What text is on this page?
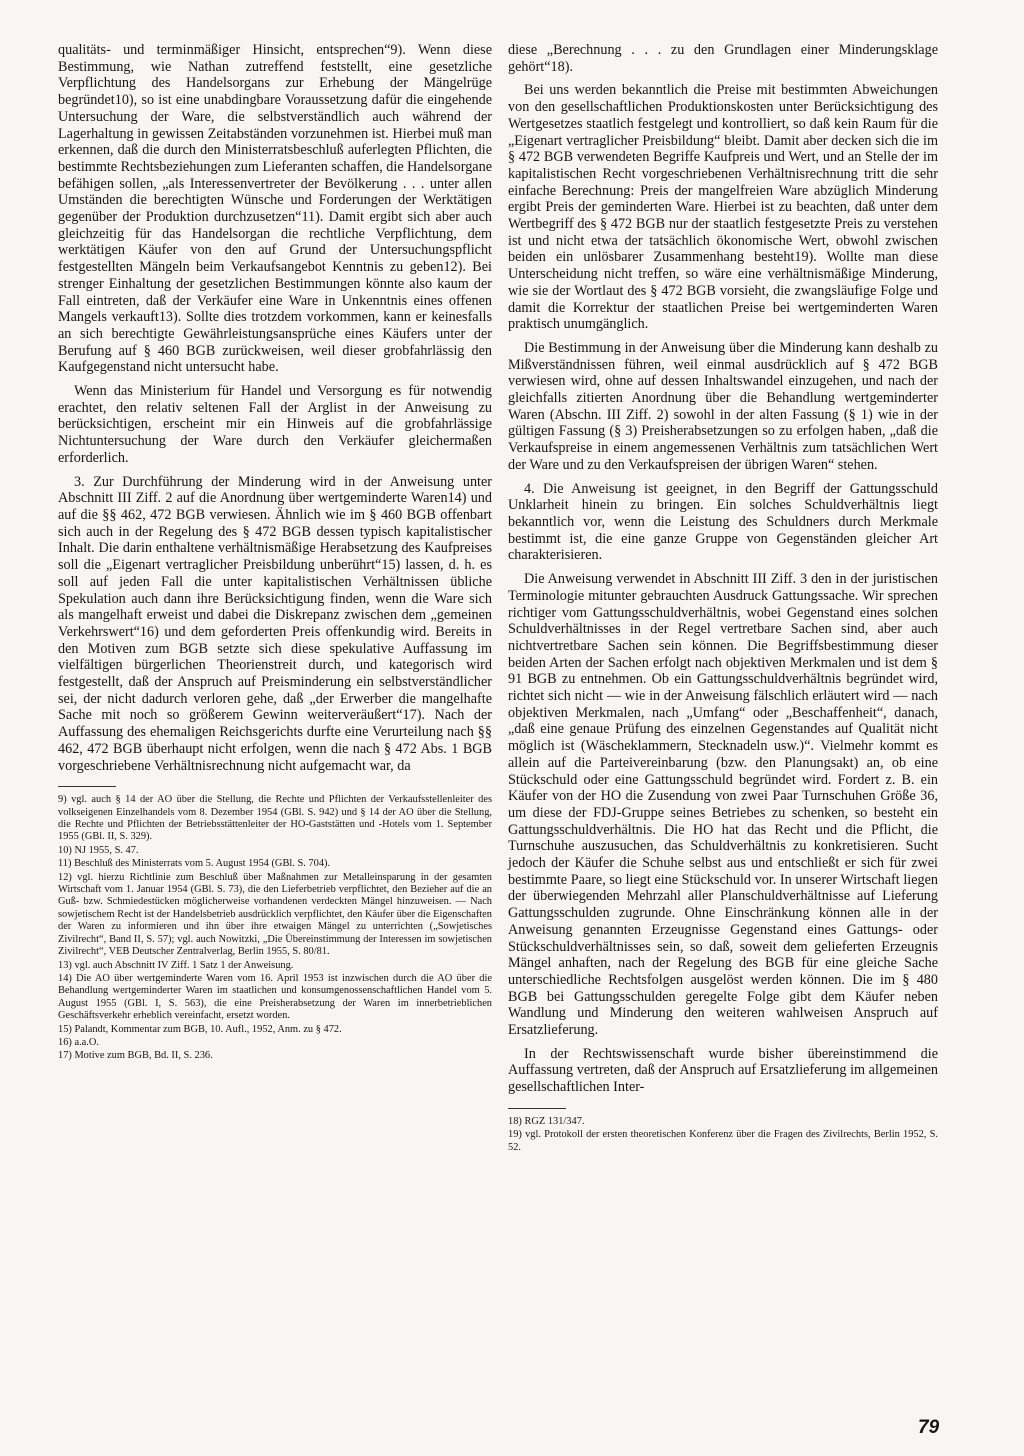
qualitäts- und terminmäßiger Hinsicht, entsprechen“9). Wenn diese Bestimmung, wie Nathan zutreffend feststellt, eine gesetzliche Verpflichtung des Handelsorgans zur Erhebung der Mängelrüge begründet10), so ist eine unabdingbare Voraussetzung dafür die eingehende Untersuchung der Ware, die selbstverständlich auch während der Lagerhaltung in gewissen Zeitabständen vorzunehmen ist. Hierbei muß man erkennen, daß die durch den Ministerratsbeschluß auferlegten Pflichten, die bestimmte Rechtsbeziehungen zum Lieferanten schaffen, die Handelsorgane befähigen sollen, „als Interessenvertreter der Bevölkerung . . . unter allen Umständen die berechtigten Wünsche und Forderungen der Werktätigen gegenüber der Produktion durchzusetzen“11). Damit ergibt sich aber auch gleichzeitig für das Handelsorgan die rechtliche Verpflichtung, dem werktätigen Käufer von den auf Grund der Untersuchungspflicht festgestellten Mängeln beim Verkaufsangebot Kenntnis zu geben12). Bei strenger Einhaltung der gesetzlichen Bestimmungen könnte also kaum der Fall eintreten, daß der Verkäufer eine Ware in Unkenntnis eines offenen Mangels verkauft13). Sollte dies trotzdem vorkommen, kann er keinesfalls an sich berechtigte Gewährleistungsansprüche eines Käufers unter der Berufung auf § 460 BGB zurückweisen, weil dieser grobfahrlässig den Kaufgegenstand nicht untersucht habe.

Wenn das Ministerium für Handel und Versorgung es für notwendig erachtet, den relativ seltenen Fall der Arglist in der Anweisung zu berücksichtigen, erscheint mir ein Hinweis auf die grobfahrlässige Nichtuntersuchung der Ware durch den Verkäufer gleichermaßen erforderlich.

3. Zur Durchführung der Minderung wird in der Anweisung unter Abschnitt III Ziff. 2 auf die Anordnung über wertgeminderte Waren14) und auf die §§ 462, 472 BGB verwiesen. Ähnlich wie im § 460 BGB offenbart sich auch in der Regelung des § 472 BGB dessen typisch kapitalistischer Inhalt. Die darin enthaltene verhältnismäßige Herabsetzung des Kaufpreises soll die „Eigenart vertraglicher Preisbildung unberührt“15) lassen, d. h. es soll auf jeden Fall die unter kapitalistischen Verhältnissen übliche Spekulation auch dann ihre Berücksichtigung finden, wenn die Ware sich als mangelhaft erweist und dabei die Diskrepanz zwischen dem „gemeinen Verkehrswert“16) und dem geforderten Preis offenkundig wird. Bereits in den Motiven zum BGB setzte sich diese spekulative Auffassung im vielfältigen bürgerlichen Theorienstreit durch, und kategorisch wird festgestellt, daß der Anspruch auf Preisminderung ein selbstverständlicher sei, der nicht dadurch verloren gehe, daß „der Erwerber die mangelhafte Sache mit noch so größerem Gewinn weiterveräußert“17). Nach der Auffassung des ehemaligen Reichsgerichts durfte eine Verurteilung nach §§ 462, 472 BGB überhaupt nicht erfolgen, wenn die nach § 472 Abs. 1 BGB vorgeschriebene Verhältnisrechnung nicht aufgemacht war, da

9) vgl. auch § 14 der AO über die Stellung, die Rechte und Pflichten der Verkaufsstellenleiter des volkseigenen Einzelhandels vom 8. Dezember 1954 (GBl. S. 942) und § 14 der AO über die Stellung, die Rechte und Pflichten der Betriebsstättenleiter der HO-Gaststätten und -Hotels vom 1. September 1955 (GBl. II, S. 329).

10) NJ 1955, S. 47.

11) Beschluß des Ministerrats vom 5. August 1954 (GBl. S. 704).

12) vgl. hierzu Richtlinie zum Beschluß über Maßnahmen zur Metalleinsparung in der gesamten Wirtschaft vom 1. Januar 1954 (GBl. S. 73), die den Lieferbetrieb verpflichtet, den Bezieher auf die an Guß- bzw. Schmiedestücken möglicherweise vorhandenen verdeckten Mängel hinzuweisen. — Nach sowjetischem Recht ist der Handelsbetrieb ausdrücklich verpflichtet, den Käufer über die Eigenschaften der Waren zu informieren und ihn über ihre etwaigen Mängel zu unterrichten („Sowjetisches Zivilrecht“, Band II, S. 57); vgl. auch Nowitzki, „Die Übereinstimmung der Interessen im sowjetischen Zivilrecht“, VEB Deutscher Zentralverlag, Berlin 1955, S. 80/81.

13) vgl. auch Abschnitt IV Ziff. 1 Satz 1 der Anweisung.

14) Die AO über wertgeminderte Waren vom 16. April 1953 ist inzwischen durch die AO über die Behandlung wertgeminderter Waren im staatlichen und konsumgenossenschaftlichen Handel vom 5. August 1955 (GBl. I, S. 563), die eine Preisherabsetzung der Waren im innerbetrieblichen Geschäftsverkehr erheblich vereinfacht, ersetzt worden.

15) Palandt, Kommentar zum BGB, 10. Aufl., 1952, Anm. zu § 472.

16) a.a.O.

17) Motive zum BGB, Bd. II, S. 236.

diese „Berechnung . . . zu den Grundlagen einer Minderungsklage gehört“18).

Bei uns werden bekanntlich die Preise mit bestimmten Abweichungen von den gesellschaftlichen Produktionskosten unter Berücksichtigung des Wertgesetzes staatlich festgelegt und kontrolliert, so daß kein Raum für die „Eigenart vertraglicher Preisbildung“ bleibt. Damit aber decken sich die im § 472 BGB verwendeten Begriffe Kaufpreis und Wert, und an Stelle der im kapitalistischen Recht vorgeschriebenen Verhältnisrechnung tritt die sehr einfache Berechnung: Preis der mangelfreien Ware abzüglich Minderung ergibt Preis der geminderten Ware. Hierbei ist zu beachten, daß unter dem Wertbegriff des § 472 BGB nur der staatlich festgesetzte Preis zu verstehen ist und nicht etwa der tatsächlich ökonomische Wert, obwohl zwischen beiden ein unlösbarer Zusammenhang besteht19). Wollte man diese Unterscheidung nicht treffen, so wäre eine verhältnismäßige Minderung, wie sie der Wortlaut des § 472 BGB vorsieht, die zwangsläufige Folge und damit die Korrektur der staatlichen Preise bei wertgeminderten Waren praktisch unumgänglich.

Die Bestimmung in der Anweisung über die Minderung kann deshalb zu Mißverständnissen führen, weil einmal ausdrücklich auf § 472 BGB verwiesen wird, ohne auf dessen Inhaltswandel einzugehen, und nach der gleichfalls zitierten Anordnung über die Behandlung wertgeminderter Waren (Abschn. III Ziff. 2) sowohl in der alten Fassung (§ 1) wie in der gültigen Fassung (§ 3) Preisherabsetzungen so zu erfolgen haben, „daß die Verkaufspreise in einem angemessenen Verhältnis zum tatsächlichen Wert der Ware und zu den Verkaufspreisen der übrigen Waren“ stehen.

4. Die Anweisung ist geeignet, in den Begriff der Gattungsschuld Unklarheit hinein zu bringen. Ein solches Schuldverhältnis liegt bekanntlich vor, wenn die Leistung des Schuldners durch Merkmale bestimmt ist, die eine ganze Gruppe von Gegenständen gleicher Art charakterisieren.

Die Anweisung verwendet in Abschnitt III Ziff. 3 den in der juristischen Terminologie mitunter gebrauchten Ausdruck Gattungssache. Wir sprechen richtiger vom Gattungsschuldverhältnis, wobei Gegenstand eines solchen Schuldverhältnisses in der Regel vertretbare Sachen sind, aber auch nichtvertretbare Sachen sein können. Die Begriffsbestimmung dieser beiden Arten der Sachen erfolgt nach objektiven Merkmalen und ist dem § 91 BGB zu entnehmen. Ob ein Gattungsschuldverhältnis begründet wird, richtet sich nicht — wie in der Anweisung fälschlich erläutert wird — nach objektiven Merkmalen, nach „Umfang“ oder „Beschaffenheit“, danach, „daß eine genaue Prüfung des einzelnen Gegenstandes auf Qualität nicht möglich ist (Wäscheklammern, Stecknadeln usw.)“. Vielmehr kommt es allein auf die Parteivereinbarung (bzw. den Planungsakt) an, ob eine Stückschuld oder eine Gattungsschuld begründet wird. Fordert z. B. ein Käufer von der HO die Zusendung von zwei Paar Turnschuhen Größe 36, um diese der FDJ-Gruppe seines Betriebes zu schenken, so besteht ein Gattungsschuldverhältnis. Die HO hat das Recht und die Pflicht, die Turnschuhe auszusuchen, das Schuldverhältnis zu konkretisieren. Sucht jedoch der Käufer die Schuhe selbst aus und entschließt er sich für zwei bestimmte Paare, so liegt eine Stückschuld vor. In unserer Wirtschaft liegen der überwiegenden Mehrzahl aller Planschuldverhältnisse auf Lieferung Gattungsschulden zugrunde. Ohne Einschränkung können alle in der Anweisung genannten Erzeugnisse Gegenstand eines Gattungs- oder Stückschuldverhältnisses sein, so daß, soweit dem gelieferten Erzeugnis Mängel anhaften, nach der Regelung des BGB für eine gleiche Sache unterschiedliche Rechtsfolgen ausgelöst werden können. Die im § 480 BGB bei Gattungsschulden geregelte Folge gibt dem Käufer neben Wandlung und Minderung den weiteren wahlweisen Anspruch auf Ersatzlieferung.

In der Rechtswissenschaft wurde bisher übereinstimmend die Auffassung vertreten, daß der Anspruch auf Ersatzlieferung im allgemeinen gesellschaftlichen Inter-

18) RGZ 131/347.

19) vgl. Protokoll der ersten theoretischen Konferenz über die Fragen des Zivilrechts, Berlin 1952, S. 52.

79
